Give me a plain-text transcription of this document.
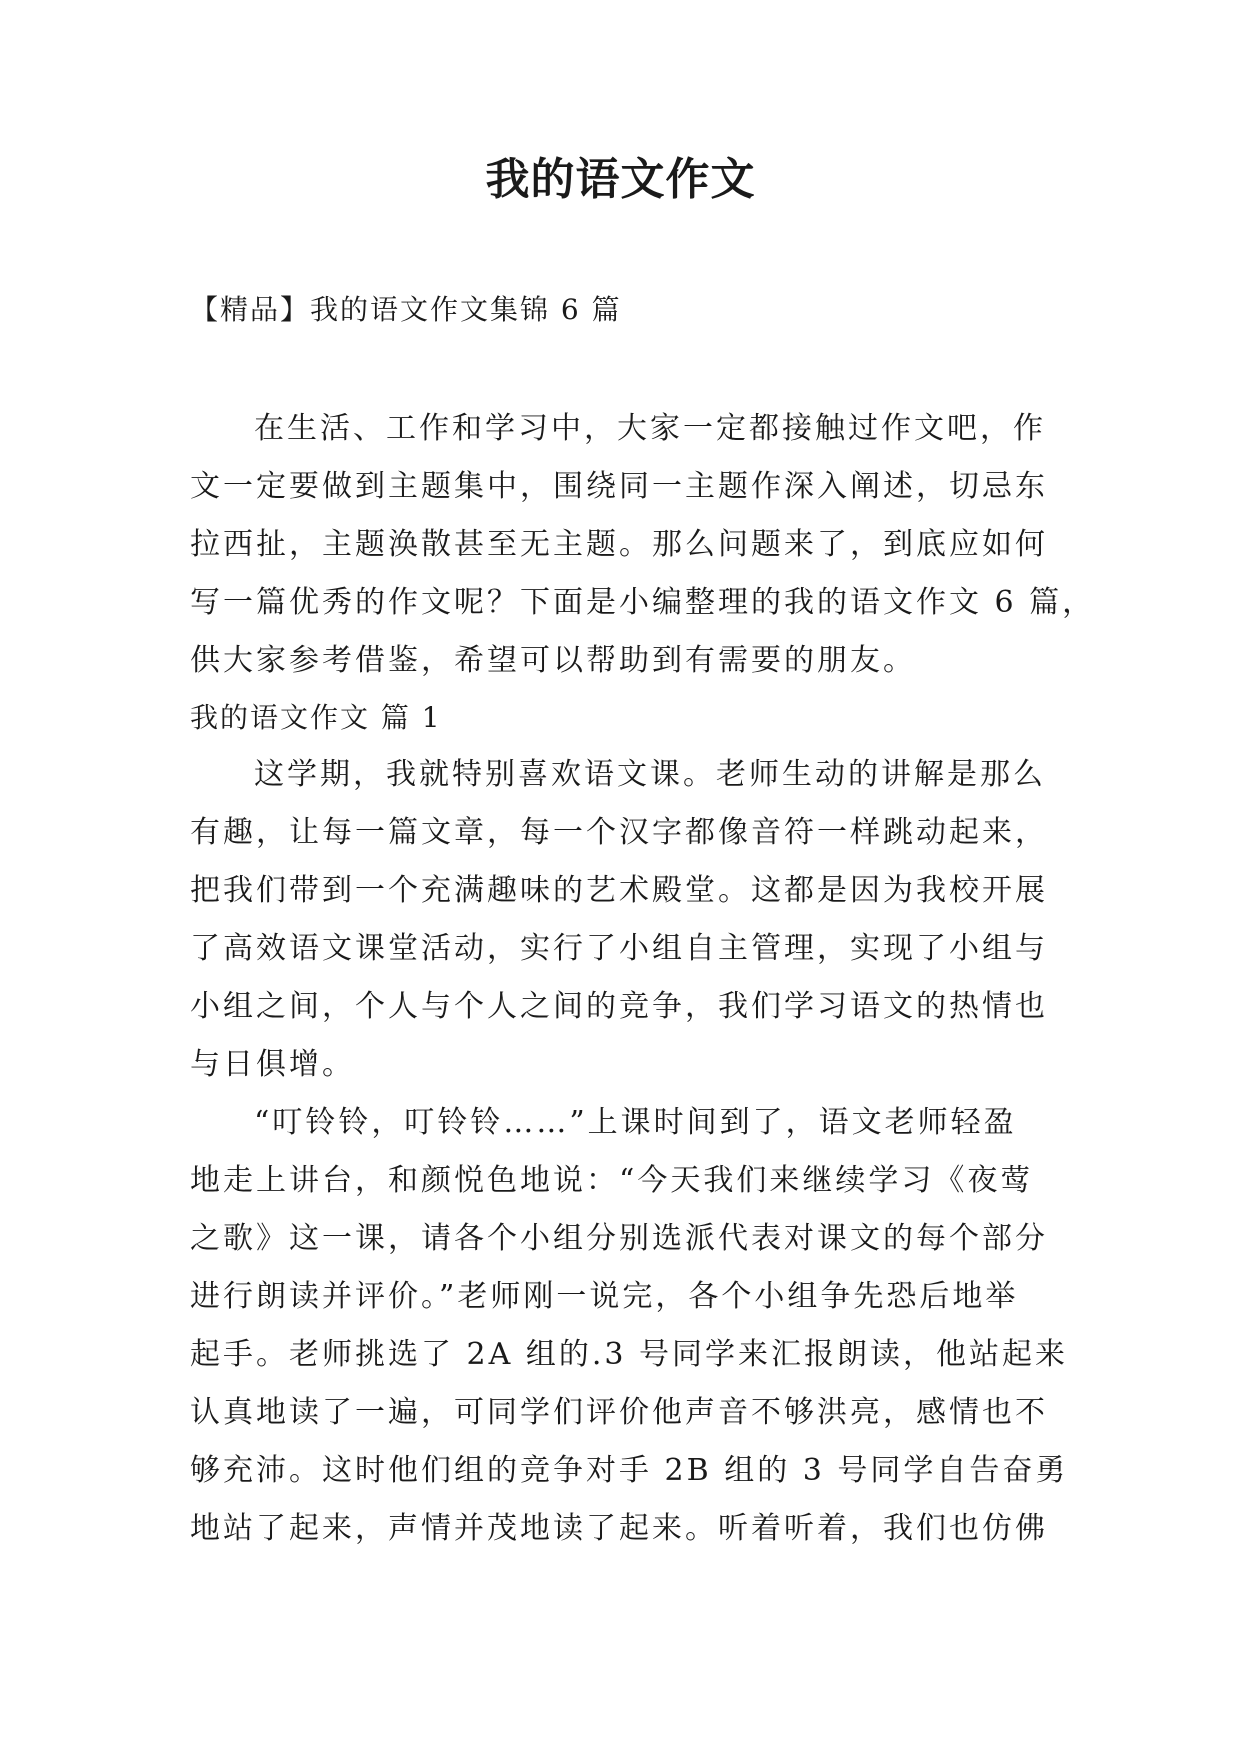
我的语文作文
【精品】我的语文作文集锦 6 篇
在生活、工作和学习中，大家一定都接触过作文吧，作
文一定要做到主题集中，围绕同一主题作深入阐述，切忌东
拉西扯，主题涣散甚至无主题。那么问题来了，到底应如何
写一篇优秀的作文呢？下面是小编整理的我的语文作文 6 篇，
供大家参考借鉴，希望可以帮助到有需要的朋友。
我的语文作文 篇 1
这学期，我就特别喜欢语文课。老师生动的讲解是那么
有趣，让每一篇文章，每一个汉字都像音符一样跳动起来，
把我们带到一个充满趣味的艺术殿堂。这都是因为我校开展
了高效语文课堂活动，实行了小组自主管理，实现了小组与
小组之间，个人与个人之间的竞争，我们学习语文的热情也
与日俱增。
“叮铃铃，叮铃铃……”上课时间到了，语文老师轻盈
地走上讲台，和颜悦色地说：“今天我们来继续学习《夜莺
之歌》这一课，请各个小组分别选派代表对课文的每个部分
进行朗读并评价。”老师刚一说完，各个小组争先恐后地举
起手。老师挑选了 2A 组的.3 号同学来汇报朗读，他站起来
认真地读了一遍，可同学们评价他声音不够洪亮，感情也不
够充沛。这时他们组的竞争对手 2B 组的 3 号同学自告奋勇
地站了起来，声情并茂地读了起来。听着听着，我们也仿佛
